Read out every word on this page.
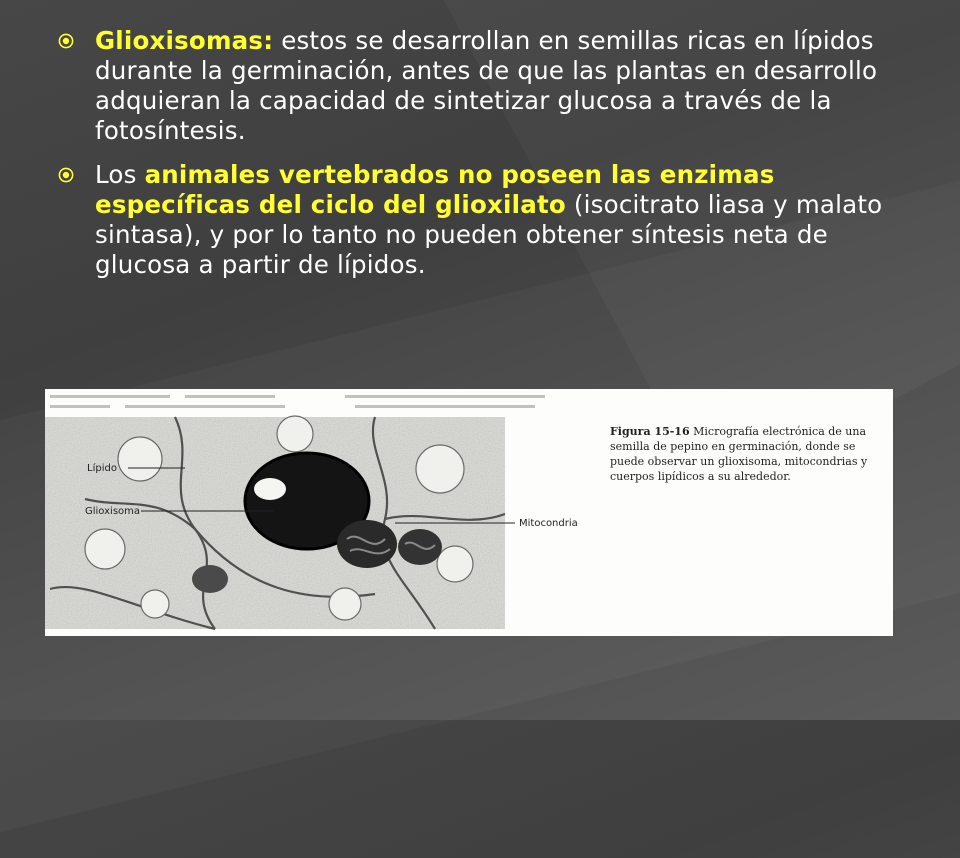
Glioxisomas: estos se desarrollan en semillas ricas en lípidos durante la germinación, antes de que las plantas en desarrollo adquieran la capacidad de sintetizar glucosa a través de la fotosíntesis.
Los animales vertebrados no poseen las enzimas específicas del ciclo del glioxilato (isocitrato liasa y malato sintasa), y por lo tanto no pueden obtener síntesis neta de glucosa a partir de lípidos.
Lípido
Glioxisoma
Mitocondria
Figura 15-16 Micrografía electrónica de una semilla de pepino en germinación, donde se puede observar un glioxisoma, mitocondrias y cuerpos lipídicos a su alrededor.
